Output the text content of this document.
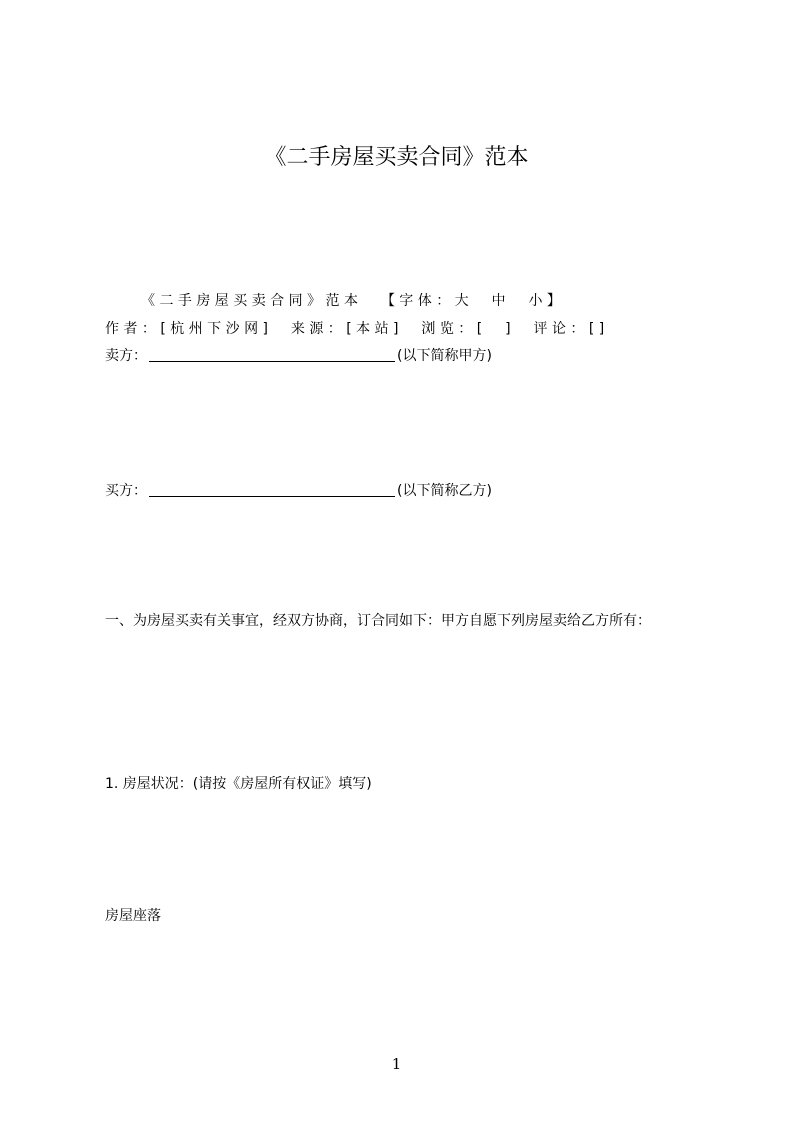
《二手房屋买卖合同》范本
《 二 手 房 屋 买 卖 合 同 》 范 本 　 【 字 体 ： 大 　 中 　 小 】
作 者 ： [ 杭 州 下 沙 网 ] 　 来 源 ： [ 本 站 ] 　 浏 览 ： [ 　 ] 　 评 论 ： [ ]
卖方：	(以下简称甲方)
买方：	(以下简称乙方)
一、为房屋买卖有关事宜，经双方协商，订合同如下：甲方自愿下列房屋卖给乙方所有：
1. 房屋状况：(请按《房屋所有权证》填写)
房屋座落
1
